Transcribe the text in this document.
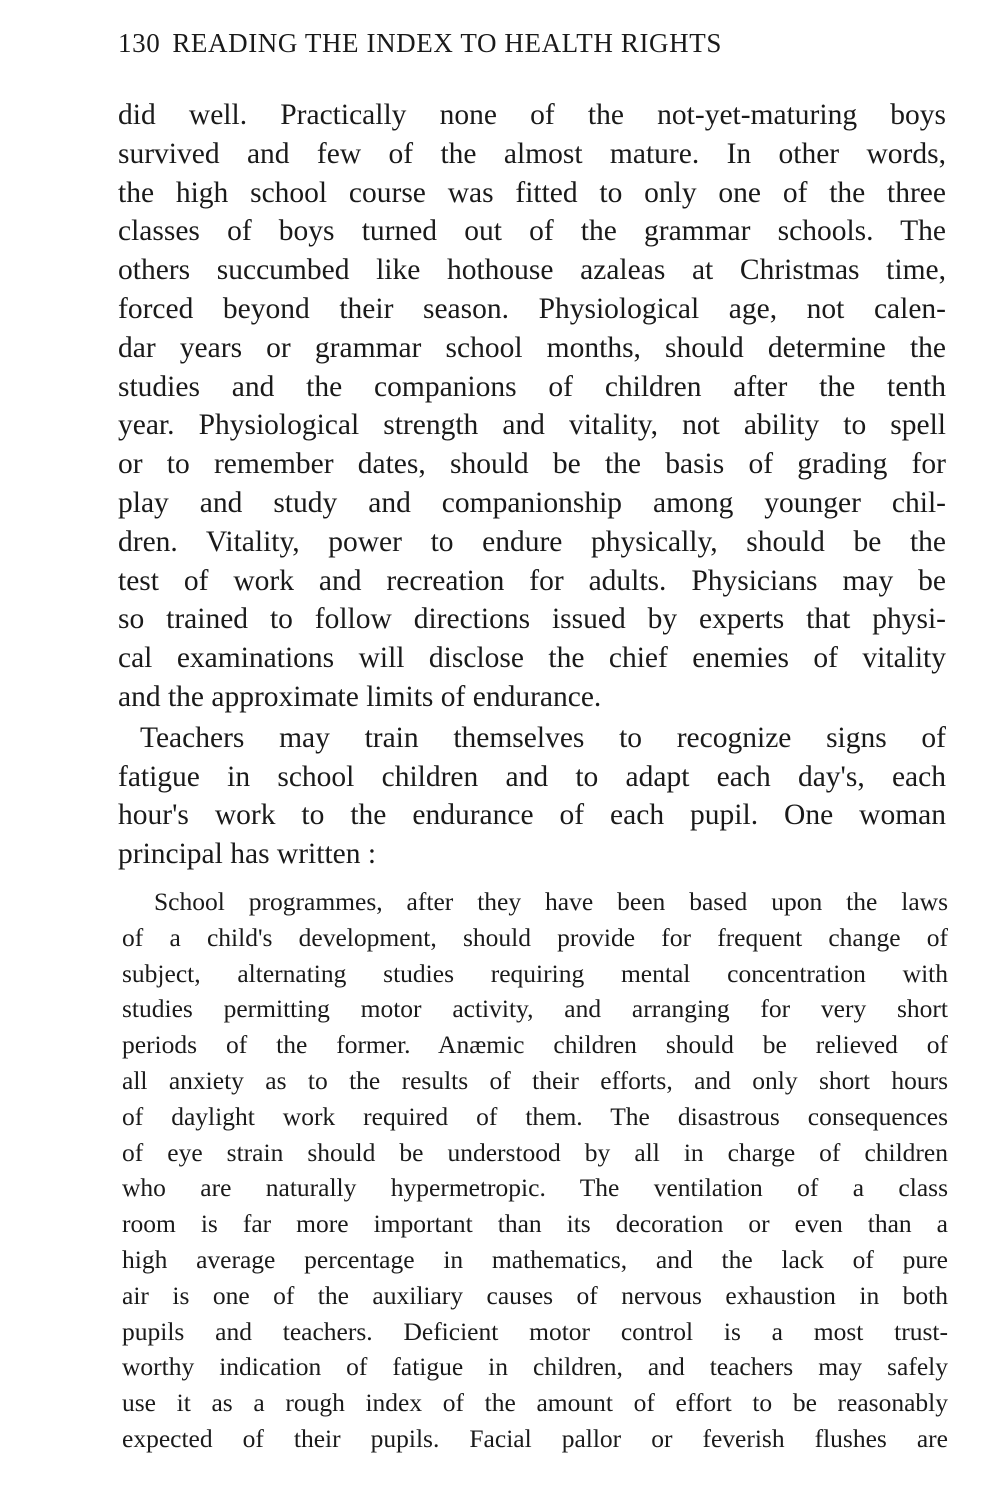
130 READING THE INDEX TO HEALTH RIGHTS
did well. Practically none of the not-yet-maturing boys
survived and few of the almost mature. In other words,
the high school course was fitted to only one of the three
classes of boys turned out of the grammar schools. The
others succumbed like hothouse azaleas at Christmas time,
forced beyond their season. Physiological age, not calen-
dar years or grammar school months, should determine the
studies and the companions of children after the tenth
year. Physiological strength and vitality, not ability to spell
or to remember dates, should be the basis of grading for
play and study and companionship among younger chil-
dren. Vitality, power to endure physically, should be the
test of work and recreation for adults. Physicians may be
so trained to follow directions issued by experts that physi-
cal examinations will disclose the chief enemies of vitality
and the approximate limits of endurance.
Teachers may train themselves to recognize signs of
fatigue in school children and to adapt each day's, each
hour's work to the endurance of each pupil. One woman
principal has written :
School programmes, after they have been based upon the laws
of a child's development, should provide for frequent change of
subject, alternating studies requiring mental concentration with
studies permitting motor activity, and arranging for very short
periods of the former. Anæmic children should be relieved of
all anxiety as to the results of their efforts, and only short hours
of daylight work required of them. The disastrous consequences
of eye strain should be understood by all in charge of children
who are naturally hypermetropic. The ventilation of a class
room is far more important than its decoration or even than a
high average percentage in mathematics, and the lack of pure
air is one of the auxiliary causes of nervous exhaustion in both
pupils and teachers. Deficient motor control is a most trust-
worthy indication of fatigue in children, and teachers may safely
use it as a rough index of the amount of effort to be reasonably
expected of their pupils. Facial pallor or feverish flushes are
